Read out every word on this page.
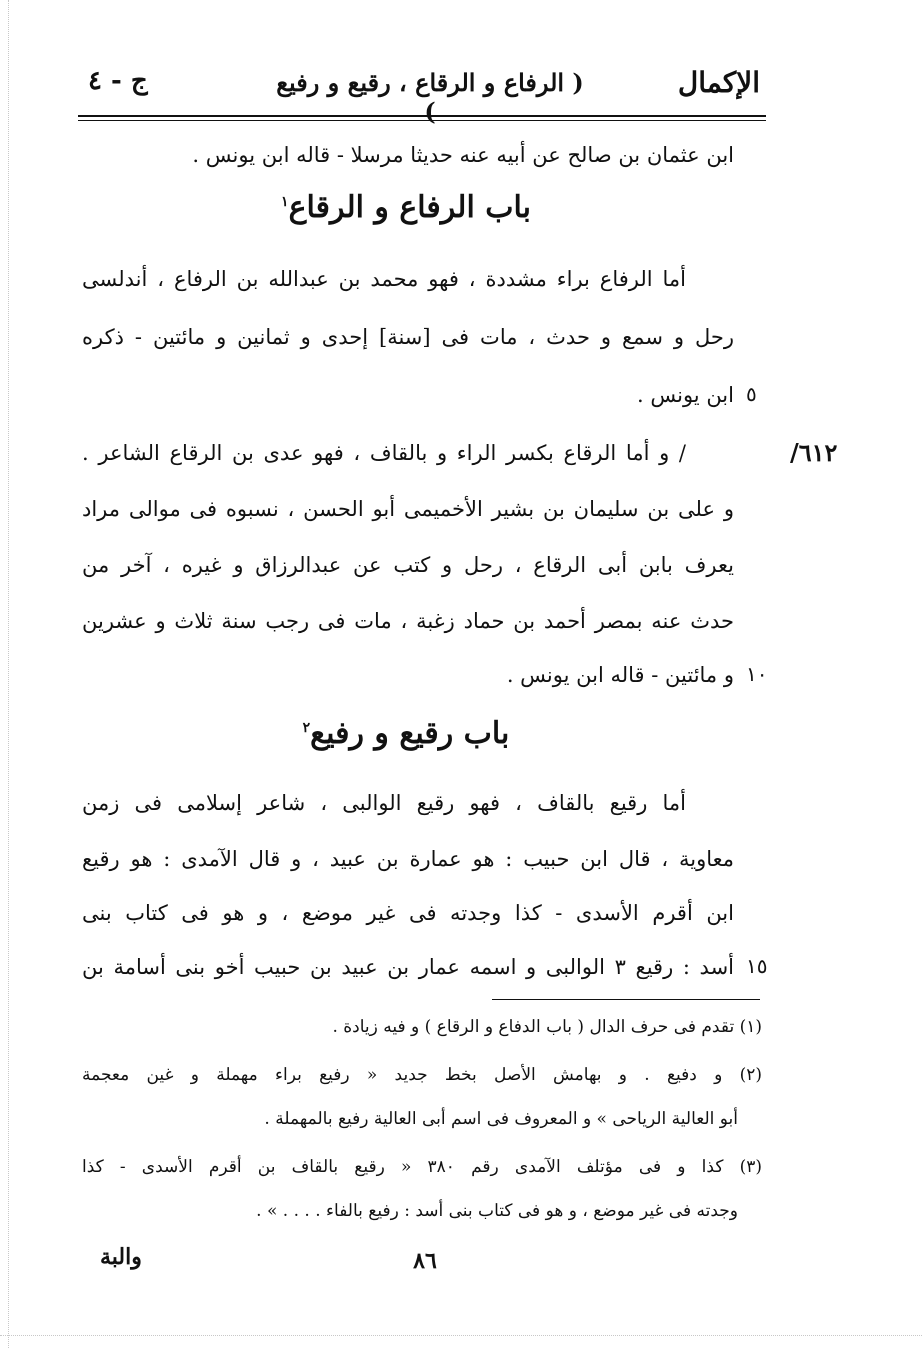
الإكمال
( الرفاع و الرقاع ، رقيع و رفيع )
ج - ٤
ابن عثمان بن صالح عن أبيه عنه حديثا مرسلا - قاله ابن يونس .
باب الرفاع و الرقاع$^١$
أما الرفاع براء مشددة ، فهو محمد بن عبدالله بن الرفاع ، أندلسى
رحل و سمع و حدث ، مات فى [سنة] إحدى و ثمانين و مائتين - ذكره
ابن يونس . ٥
٦١٢/
/ و أما الرقاع بكسر الراء و بالقاف ، فهو عدى بن الرقاع الشاعر .
و على بن سليمان بن بشير الأخميمى أبو الحسن ، نسبوه فى موالى مراد
يعرف بابن أبى الرقاع ، رحل و كتب عن عبدالرزاق و غيره ، آخر من
حدث عنه بمصر أحمد بن حماد زغبة ، مات فى رجب سنة ثلاث و عشرين
و مائتين - قاله ابن يونس . ١٠
باب رقيع و رفيع$^٢$
أما رقيع بالقاف ، فهو رقيع الوالبى ، شاعر إسلامى فى زمن
معاوية ، قال ابن حبيب : هو عمارة بن عبيد ، و قال الآمدى : هو رقيع
ابن أقرم الأسدى - كذا وجدته فى غير موضع ، و هو فى كتاب بنى
أسد : رقيع ٣ الوالبى و اسمه عمار بن عبيد بن حبيب أخو بنى أسامة بن ١٥
(١) تقدم فى حرف الدال ( باب الدفاع و الرقاع ) و فيه زيادة .
(٢) و دفيع . و بهامش الأصل بخط جديد « رفيع براء مهملة و غين معجمة
أبو العالية الرياحى » و المعروف فى اسم أبى العالية رفيع بالمهملة .
(٣) كذا و فى مؤتلف الآمدى رقم ٣٨٠ « رقيع بالقاف بن أقرم الأسدى - كذا
وجدته فى غير موضع ، و هو فى كتاب بنى أسد : رفيع بالفاء . . . . » .
٨٦
والبة
